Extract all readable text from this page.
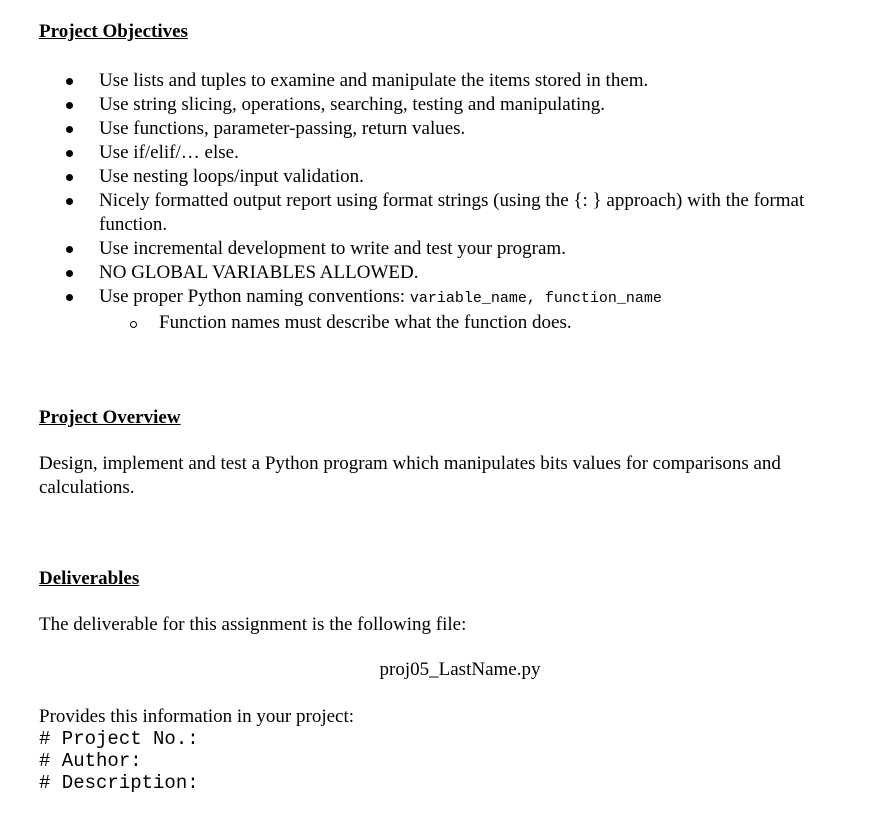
Project Objectives
Use lists and tuples to examine and manipulate the items stored in them.
Use string slicing, operations, searching, testing and manipulating.
Use functions, parameter-passing, return values.
Use if/elif/… else.
Use nesting loops/input validation.
Nicely formatted output report using format strings (using the {: } approach) with the format function.
Use incremental development to write and test your program.
NO GLOBAL VARIABLES ALLOWED.
Use proper Python naming conventions: variable_name, function_name
Function names must describe what the function does.
Project Overview

Design, implement and test a Python program which manipulates bits values for comparisons and calculations.

Deliverables

The deliverable for this assignment is the following file:

proj05_LastName.py

Provides this information in your project:

# Project No.:

# Author:

# Description:
